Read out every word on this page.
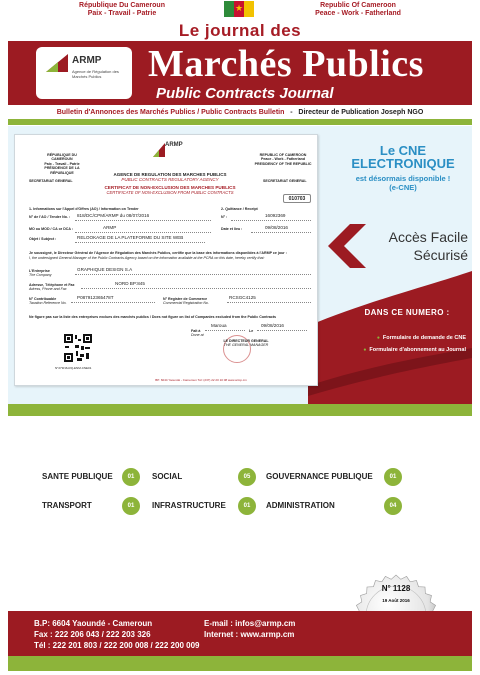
République Du Cameroun
Paix - Travail - Patrie
★	Republic Of Cameroon
Peace - Work - Fatherland
Le journal des
ARMP
Agence de Régulation des Marchés Publics	Marchés Publics
Public Contracts Journal
Bulletin d'Annonces des Marchés Publics / Public Contracts Bulletin - Directeur de Publication Joseph NGO
ARMP
RÉPUBLIQUE DU CAMEROUN
Paix - Travail - Patrie
PRÉSIDENCE DE LA RÉPUBLIQUE
REPUBLIC OF CAMEROON
Peace - Work - Fatherland
PRESIDENCY OF THE REPUBLIC
SECRETARIAT GENERAL	SECRETARIAT GENERAL
AGENCE DE REGULATION DES MARCHES PUBLICS
PUBLIC CONTRACTS REGULATORY AGENCY
CERTIFICAT DE NON-EXCLUSION DES MARCHES PUBLICS
CERTIFICATE OF NON-EXCLUSION FROM PUBLIC CONTRACTS
010703
1- Informations sur l'Appel d'Offres (AO) / Information on Tender	2- Quittance / Receipt
N° de l'AO / Tender No. : 818/DC/CPM/ARMP du 08/07/2016	N° :	16092369
MO ou MOD / CA or DCA :	ARMP	Date et lieu :	09/08/2016
Objet / Subject :	RELOOKAGE DE LA PLATEFORME DU SITE WEB
Je soussigné, le Directeur Général de l'Agence de Régulation des Marchés Publics, certifie que la base des informations disponibles à l'ARMP ce jour :
I, the undersigned General Manager of the Public Contracts Agency based on the information available at the PCRA on this date, hereby certify that:
L'Entreprise
The Company
GRAPHIQUE DESIGN S.A
Adresse, Téléphone et Fax
Adress, Phone and Fax
NORD BP:845
N° Contribuable
Taxation Reference No.
P087912365478T	N° Registre de Commerce
Commercial Registration No.
RCSGC4125
Ne figure pas sur la liste des entreprises exclues des marchés publics / Does not figure on list of Companies excluded from the Public Contracts
Fait à
Maroua
Le
09/08/2016
Done at
N°279/16-RQ-ENM-CNE01
LE DIRECTEUR GENERAL
THE GENERAL MANAGER
BP: 6044 Yaoundé - Cameroun Tél: (237) 22 20 10 08 www.armp.cm
Le CNE
ELECTRONIQUE
est désormais disponible !
(e-CNE)
Accès Facile
Sécurisé
DANS CE NUMERO :
● Formulaire de demande de CNE
● Formulaire d'abonnement au Journal
SANTE PUBLIQUE	01	SOCIAL	05	GOUVERNANCE PUBLIQUE	01
TRANSPORT	01	INFRASTRUCTURE	01	ADMINISTRATION	04
N° 1128
19 Août 2016
B.P: 6604 Yaoundé - Cameroun
Fax : 222 206 043 / 222 203 326
Tél : 222 201 803 / 222 200 008 / 222 200 009
E-mail : infos@armp.cm
Internet : www.armp.cm
